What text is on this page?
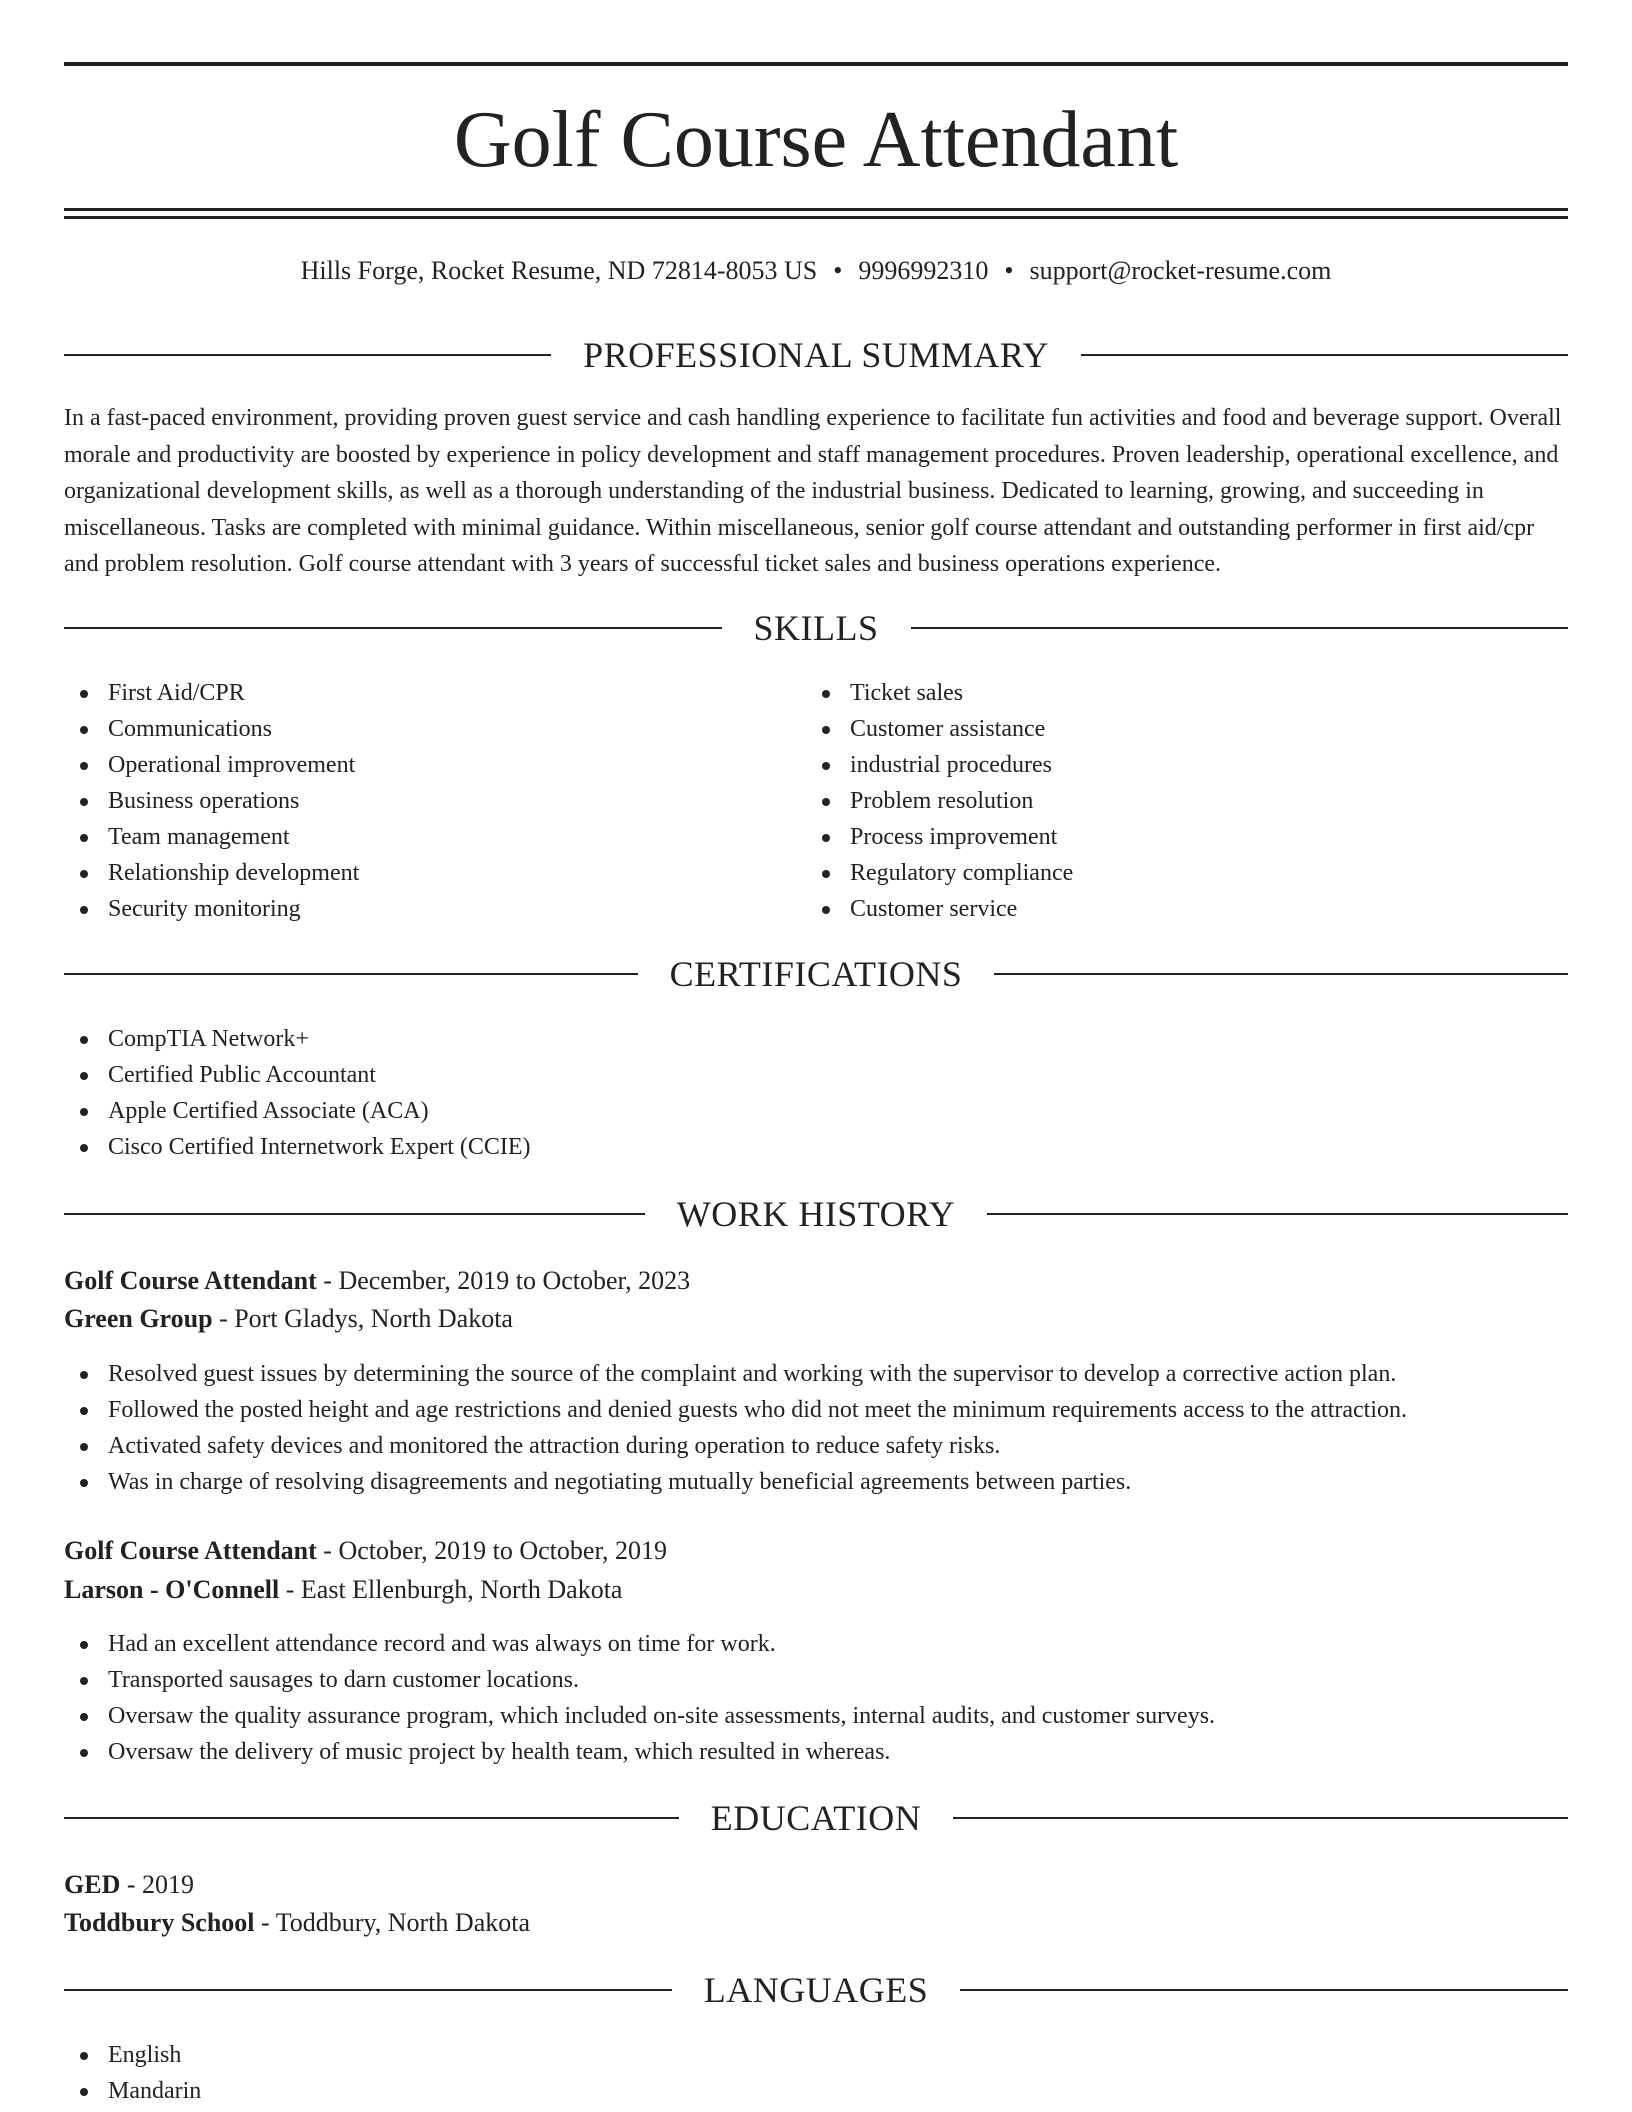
Golf Course Attendant
Hills Forge, Rocket Resume, ND 72814-8053 US • 9996992310 • support@rocket-resume.com
PROFESSIONAL SUMMARY
In a fast-paced environment, providing proven guest service and cash handling experience to facilitate fun activities and food and beverage support. Overall morale and productivity are boosted by experience in policy development and staff management procedures. Proven leadership, operational excellence, and organizational development skills, as well as a thorough understanding of the industrial business. Dedicated to learning, growing, and succeeding in miscellaneous. Tasks are completed with minimal guidance. Within miscellaneous, senior golf course attendant and outstanding performer in first aid/cpr and problem resolution. Golf course attendant with 3 years of successful ticket sales and business operations experience.
SKILLS
First Aid/CPR
Communications
Operational improvement
Business operations
Team management
Relationship development
Security monitoring
Ticket sales
Customer assistance
industrial procedures
Problem resolution
Process improvement
Regulatory compliance
Customer service
CERTIFICATIONS
CompTIA Network+
Certified Public Accountant
Apple Certified Associate (ACA)
Cisco Certified Internetwork Expert (CCIE)
WORK HISTORY
Golf Course Attendant - December, 2019 to October, 2023
Green Group - Port Gladys, North Dakota
Resolved guest issues by determining the source of the complaint and working with the supervisor to develop a corrective action plan.
Followed the posted height and age restrictions and denied guests who did not meet the minimum requirements access to the attraction.
Activated safety devices and monitored the attraction during operation to reduce safety risks.
Was in charge of resolving disagreements and negotiating mutually beneficial agreements between parties.
Golf Course Attendant - October, 2019 to October, 2019
Larson - O'Connell - East Ellenburgh, North Dakota
Had an excellent attendance record and was always on time for work.
Transported sausages to darn customer locations.
Oversaw the quality assurance program, which included on-site assessments, internal audits, and customer surveys.
Oversaw the delivery of music project by health team, which resulted in whereas.
EDUCATION
GED - 2019
Toddbury School - Toddbury, North Dakota
LANGUAGES
English
Mandarin
